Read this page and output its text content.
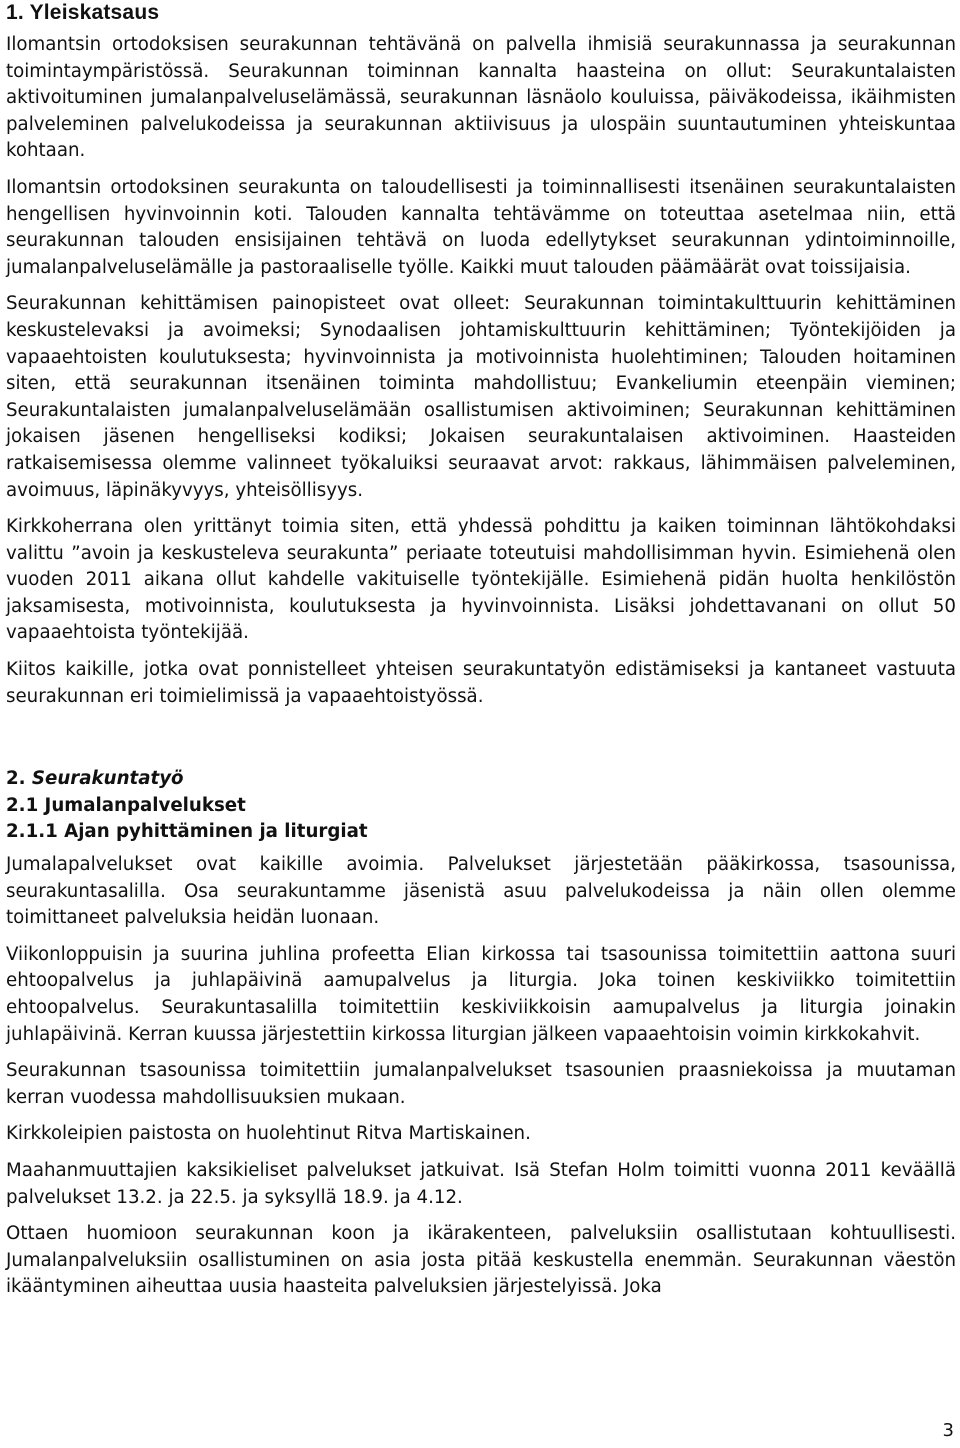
1. Yleiskatsaus

Ilomantsin ortodoksisen seurakunnan tehtävänä on palvella ihmisiä seurakunnassa ja seurakunnan toimintaympäristössä. Seurakunnan toiminnan kannalta haasteina on ollut: Seurakuntalaisten aktivoituminen jumalanpalveluselämässä, seurakunnan läsnäolo kouluissa, päiväkodeissa, ikäihmisten palveleminen palvelukodeissa ja seurakunnan aktiivisuus ja ulospäin suuntautuminen yhteiskuntaa kohtaan.

Ilomantsin ortodoksinen seurakunta on taloudellisesti ja toiminnallisesti itsenäinen seurakuntalaisten hengellisen hyvinvoinnin koti. Talouden kannalta tehtävämme on toteuttaa asetelmaa niin, että seurakunnan talouden ensisijainen tehtävä on luoda edellytykset seurakunnan ydintoiminnoille, jumalanpalveluselämälle ja pastoraaliselle työlle. Kaikki muut talouden päämäärät ovat toissijaisia.

Seurakunnan kehittämisen painopisteet ovat olleet: Seurakunnan toimintakulttuurin kehittäminen keskustelevaksi ja avoimeksi; Synodaalisen johtamiskulttuurin kehittäminen; Työntekijöiden ja vapaaehtoisten koulutuksesta; hyvinvoinnista ja motivoinnista huolehtiminen; Talouden hoitaminen siten, että seurakunnan itsenäinen toiminta mahdollistuu; Evankeliumin eteenpäin vieminen; Seurakuntalaisten jumalanpalveluselämään osallistumisen aktivoiminen; Seurakunnan kehittäminen jokaisen jäsenen hengelliseksi kodiksi; Jokaisen seurakuntalaisen aktivoiminen. Haasteiden ratkaisemisessa olemme valinneet työkaluiksi seuraavat arvot: rakkaus, lähimmäisen palveleminen, avoimuus, läpinäkyvyys, yhteisöllisyys.

Kirkkoherrana olen yrittänyt toimia siten, että yhdessä pohdittu ja kaiken toiminnan lähtökohdaksi valittu ”avoin ja keskusteleva seurakunta” periaate toteutuisi mahdollisimman hyvin. Esimiehenä olen vuoden 2011 aikana ollut kahdelle vakituiselle työntekijälle. Esimiehenä pidän huolta henkilöstön jaksamisesta, motivoinnista, koulutuksesta ja hyvinvoinnista. Lisäksi johdettavanani on ollut 50 vapaaehtoista työntekijää.

Kiitos kaikille, jotka ovat ponnistelleet yhteisen seurakuntatyön edistämiseksi ja kantaneet vastuuta seurakunnan eri toimielimissä ja vapaaehtoistyössä.

2. Seurakuntatyö
2.1 Jumalanpalvelukset
2.1.1 Ajan pyhittäminen ja liturgiat

Jumalapalvelukset ovat kaikille avoimia. Palvelukset järjestetään pääkirkossa, tsasounissa, seurakuntasalilla. Osa seurakuntamme jäsenistä asuu palvelukodeissa ja näin ollen olemme toimittaneet palveluksia heidän luonaan.

Viikonloppuisin ja suurina juhlina profeetta Elian kirkossa tai tsasounissa toimitettiin aattona suuri ehtoopalvelus ja juhlapäivinä aamupalvelus ja liturgia. Joka toinen keskiviikko toimitettiin ehtoopalvelus. Seurakuntasalilla toimitettiin keskiviikkoisin aamupalvelus ja liturgia joinakin juhlapäivinä. Kerran kuussa järjestettiin kirkossa liturgian jälkeen vapaaehtoisin voimin kirkkokahvit.

Seurakunnan tsasounissa toimitettiin jumalanpalvelukset tsasounien praasniekoissa ja muutaman kerran vuodessa mahdollisuuksien mukaan.

Kirkkoleipien paistosta on huolehtinut Ritva Martiskainen.

Maahanmuuttajien kaksikieliset palvelukset jatkuivat. Isä Stefan Holm toimitti vuonna 2011 keväällä palvelukset 13.2. ja 22.5. ja syksyllä 18.9. ja 4.12.

Ottaen huomioon seurakunnan koon ja ikärakenteen, palveluksiin osallistutaan kohtuullisesti. Jumalanpalveluksiin osallistuminen on asia josta pitää keskustella enemmän. Seurakunnan väestön ikääntyminen aiheuttaa uusia haasteita palveluksien järjestelyissä. Joka

3
